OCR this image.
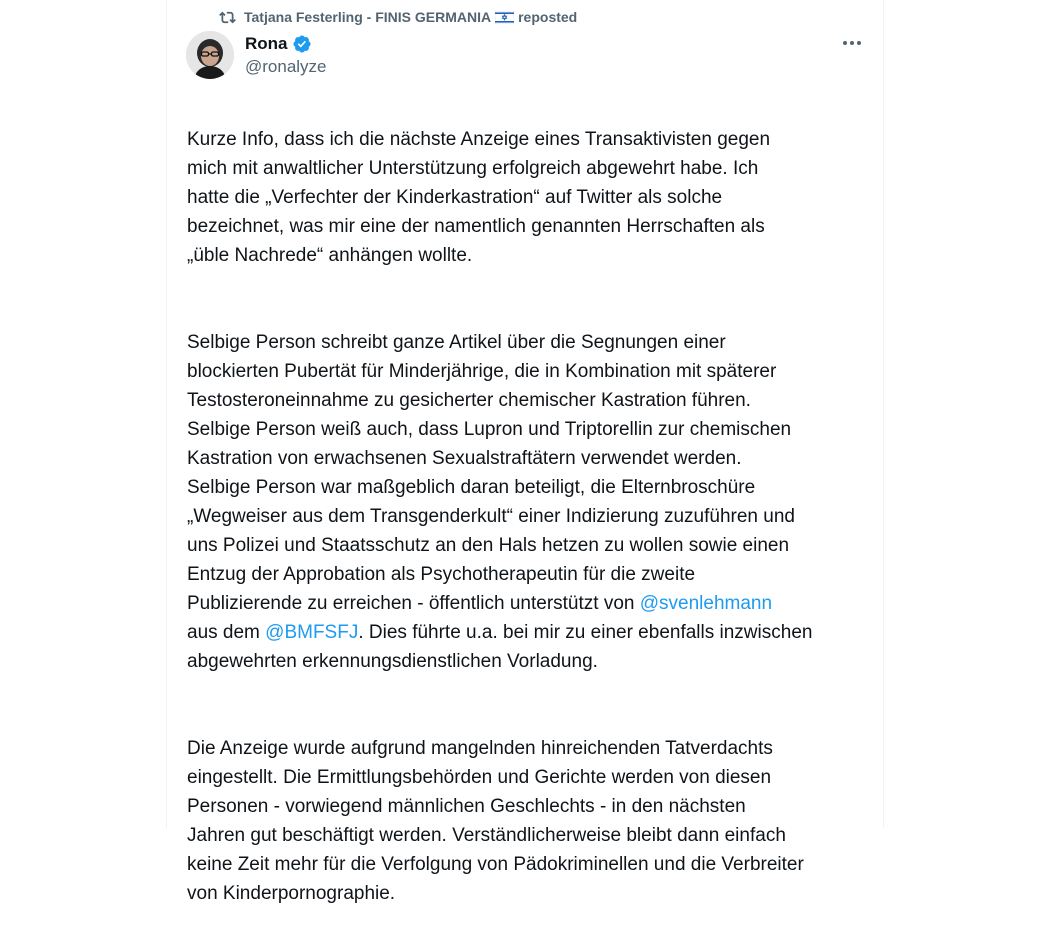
Tatjana Festerling - FINIS GERMANIA reposted
Rona
@ronalyze

Kurze Info, dass ich die nächste Anzeige eines Transaktivisten gegen
mich mit anwaltlicher Unterstützung erfolgreich abgewehrt habe. Ich
hatte die „Verfechter der Kinderkastration“ auf Twitter als solche
bezeichnet, was mir eine der namentlich genannten Herrschaften als
„üble Nachrede“ anhängen wollte.

Selbige Person schreibt ganze Artikel über die Segnungen einer
blockierten Pubertät für Minderjährige, die in Kombination mit späterer
Testosteroneinnahme zu gesicherter chemischer Kastration führen.
Selbige Person weiß auch, dass Lupron und Triptorellin zur chemischen
Kastration von erwachsenen Sexualstraftätern verwendet werden.
Selbige Person war maßgeblich daran beteiligt, die Elternbroschüre
„Wegweiser aus dem Transgenderkult“ einer Indizierung zuzuführen und
uns Polizei und Staatsschutz an den Hals hetzen zu wollen sowie einen
Entzug der Approbation als Psychotherapeutin für die zweite
Publizierende zu erreichen - öffentlich unterstützt von @svenlehmann
aus dem @BMFSFJ. Dies führte u.a. bei mir zu einer ebenfalls inzwischen
abgewehrten erkennungsdienstlichen Vorladung.

Die Anzeige wurde aufgrund mangelnden hinreichenden Tatverdachts
eingestellt. Die Ermittlungsbehörden und Gerichte werden von diesen
Personen - vorwiegend männlichen Geschlechts - in den nächsten
Jahren gut beschäftigt werden. Verständlicherweise bleibt dann einfach
keine Zeit mehr für die Verfolgung von Pädokriminellen und die Verbreiter
von Kinderpornographie.
